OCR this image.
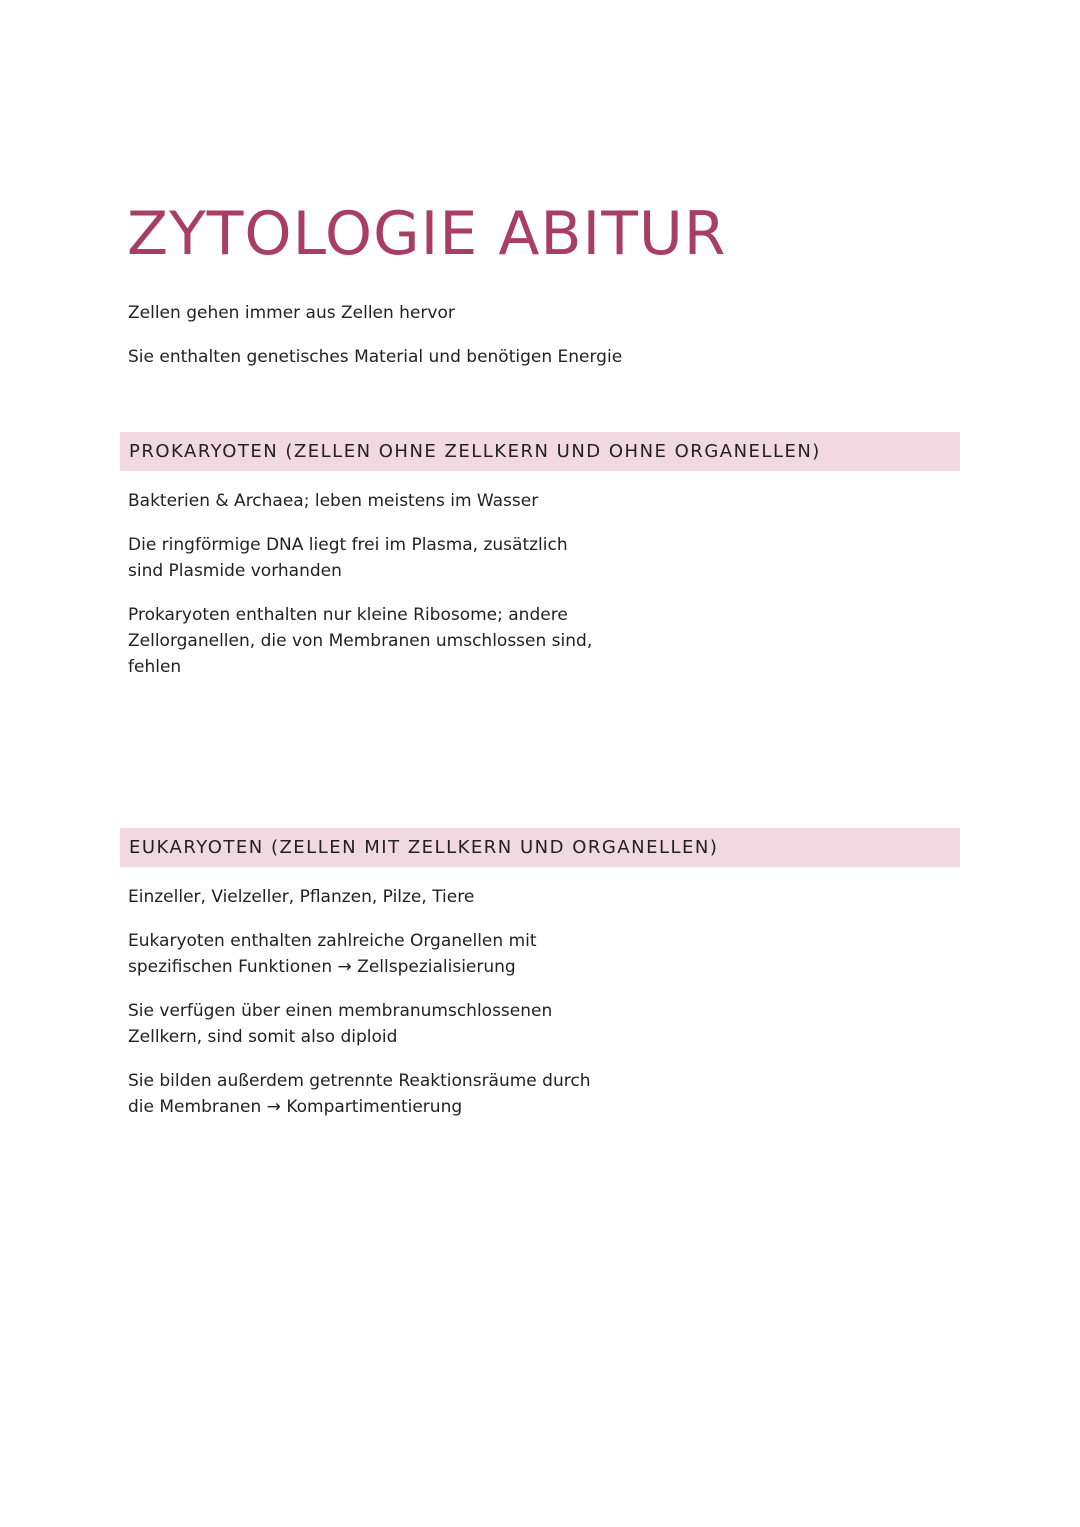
ZYTOLOGIE ABITUR

Zellen gehen immer aus Zellen hervor

Sie enthalten genetisches Material und benötigen Energie

PROKARYOTEN (ZELLEN OHNE ZELLKERN UND OHNE ORGANELLEN)

Bakterien & Archaea; leben meistens im Wasser

Die ringförmige DNA liegt frei im Plasma, zusätzlich sind Plasmide vorhanden

Prokaryoten enthalten nur kleine Ribosome; andere Zellorganellen, die von Membranen umschlossen sind, fehlen

EUKARYOTEN (ZELLEN MIT ZELLKERN UND ORGANELLEN)

Einzeller, Vielzeller, Pflanzen, Pilze, Tiere

Eukaryoten enthalten zahlreiche Organellen mit spezifischen Funktionen → Zellspezialisierung

Sie verfügen über einen membranumschlossenen Zellkern, sind somit also diploid

Sie bilden außerdem getrennte Reaktionsräume durch die Membranen → Kompartimentierung
